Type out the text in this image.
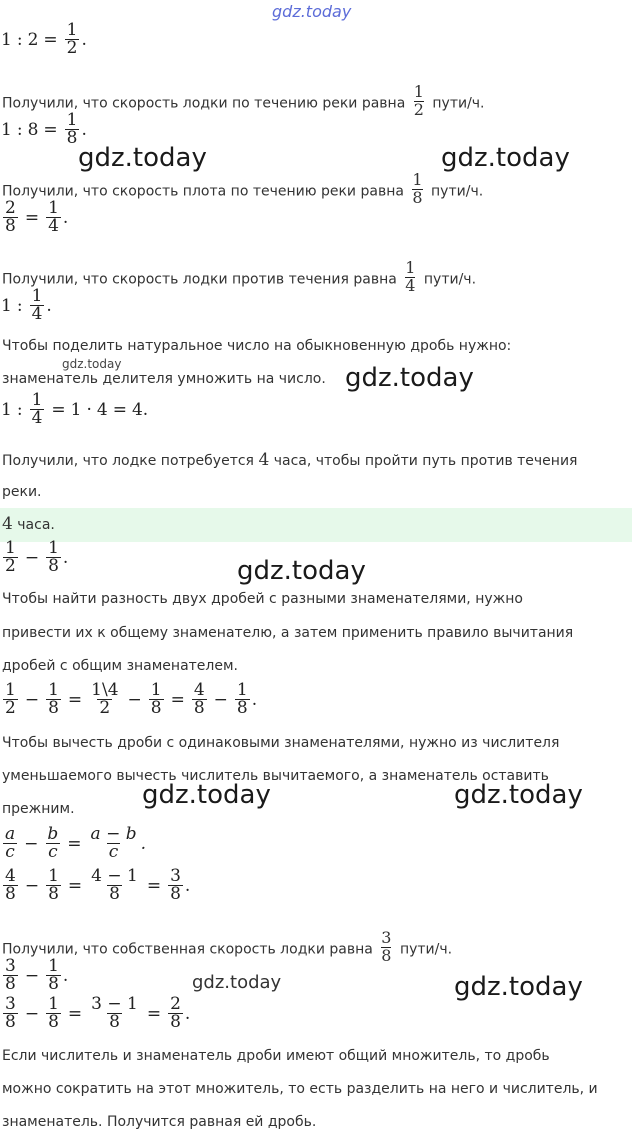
gdz.today
1 : $2 = \frac{1}{2}$ .
Получили, что скорость лодки по течению реки равна $\frac{1}{2}$ пути/ч.
1 : $8 = \frac{1}{8}$ .
gdz.today	gdz.today
Получили, что скорость плота по течению реки равна $\frac{1}{8}$ пути/ч.
$\frac{2}{8} = \frac{1}{4}$ .
Получили, что скорость лодки против течения равна $\frac{1}{4}$ пути/ч.
1 : $\frac{1}{4}$ .
Чтобы поделить натуральное число на обыкновенную дробь нужно:
gdz.today
знаменатель делителя умножить на число. gdz.today
1 : $\frac{1}{4} = 1 \cdot 4 = 4$ .
Получили, что лодке потребуется 4 часа, чтобы пройти путь против течения
реки.
4 часа.
$\frac{1}{2} - \frac{1}{8}$ .	gdz.today
Чтобы найти разность двух дробей с разными знаменателями, нужно
привести их к общему знаменателю, а затем применить правило вычитания
дробей с общим знаменателем.
$\frac{1}{2} - \frac{1}{8} = \frac{1\backslash 4}{2} - \frac{1}{8} = \frac{4}{8} - \frac{1}{8}$ .
Чтобы вычесть дроби с одинаковыми знаменателями, нужно из числителя
уменьшаемого вычесть числитель вычитаемого, а знаменатель оставить
прежним.	gdz.today	gdz.today
$\frac{a}{c} - \frac{b}{c} = \frac{a - b}{c}$ .
$\frac{4}{8} - \frac{1}{8} = \frac{4 - 1}{8} = \frac{3}{8}$ .
Получили, что собственная скорость лодки равна $\frac{3}{8}$ пути/ч.
$\frac{3}{8} - \frac{1}{8}$ .	gdz.today	gdz.today
$\frac{3}{8} - \frac{1}{8} = \frac{3 - 1}{8} = \frac{2}{8}$ .
Если числитель и знаменатель дроби имеют общий множитель, то дробь
можно сократить на этот множитель, то есть разделить на него и числитель, и
знаменатель. Получится равная ей дробь.
